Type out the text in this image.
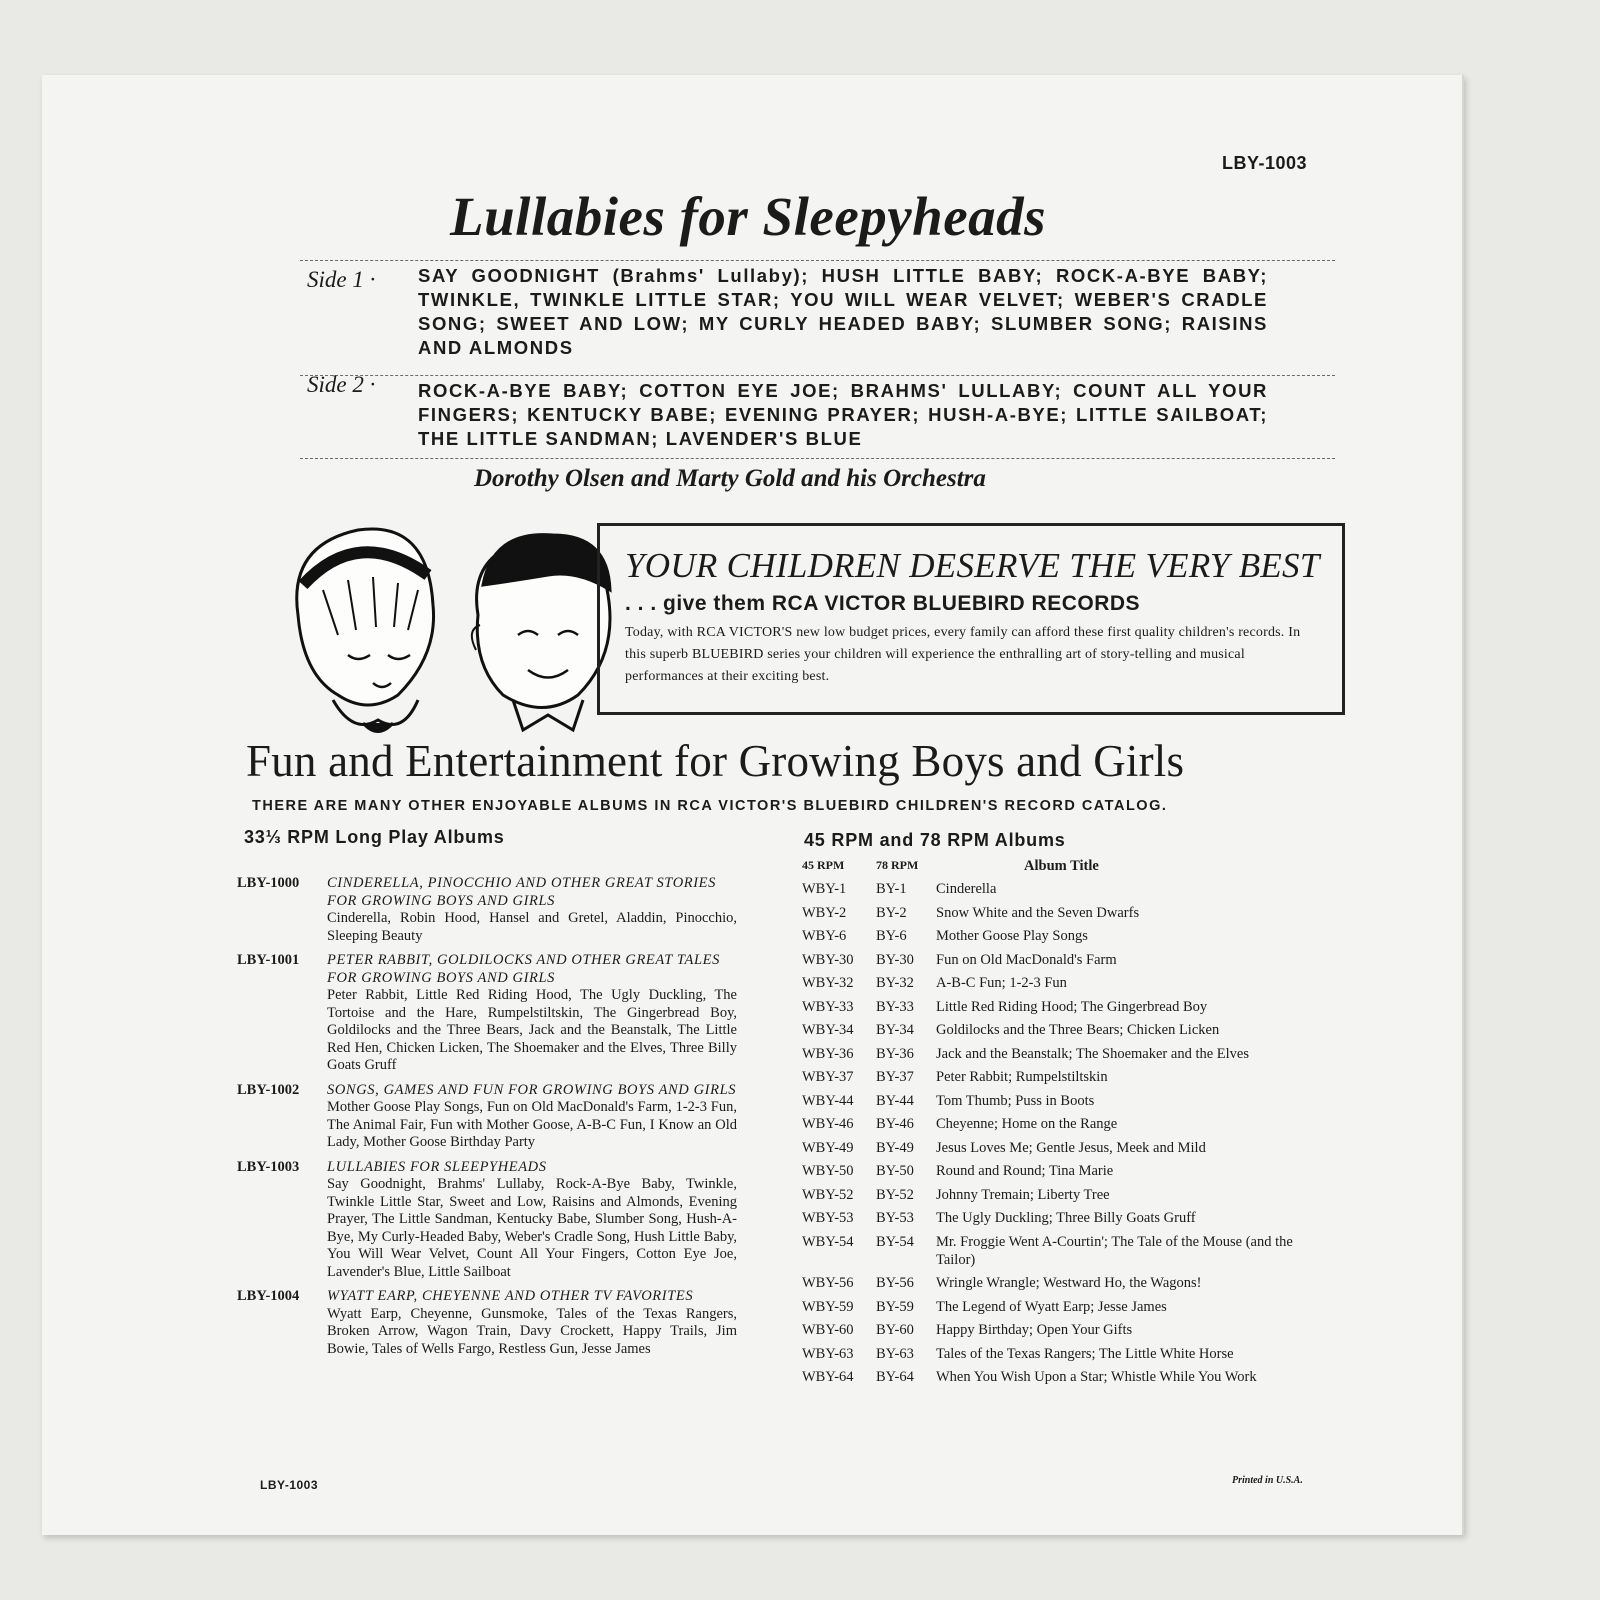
LBY-1003
Lullabies for Sleepyheads
Side 1 · SAY GOODNIGHT (Brahms' Lullaby); HUSH LITTLE BABY; ROCK-A-BYE BABY; TWINKLE, TWINKLE LITTLE STAR; YOU WILL WEAR VELVET; WEBER'S CRADLE SONG; SWEET AND LOW; MY CURLY HEADED BABY; SLUMBER SONG; RAISINS AND ALMONDS
Side 2 · ROCK-A-BYE BABY; COTTON EYE JOE; BRAHMS' LULLABY; COUNT ALL YOUR FINGERS; KENTUCKY BABE; EVENING PRAYER; HUSH-A-BYE; LITTLE SAILBOAT; THE LITTLE SANDMAN; LAVENDER'S BLUE
Dorothy Olsen and Marty Gold and his Orchestra
YOUR CHILDREN DESERVE THE VERY BEST
. . . give them RCA VICTOR BLUEBIRD RECORDS
Today, with RCA VICTOR'S new low budget prices, every family can afford these first quality children's records. In this superb BLUEBIRD series your children will experience the enthralling art of story-telling and musical performances at their exciting best.
Fun and Entertainment for Growing Boys and Girls
THERE ARE MANY OTHER ENJOYABLE ALBUMS IN RCA VICTOR'S BLUEBIRD CHILDREN'S RECORD CATALOG.
33⅓ RPM Long Play Albums	45 RPM and 78 RPM Albums
LBY-1000 CINDERELLA, PINOCCHIO AND OTHER GREAT STORIES FOR GROWING BOYS AND GIRLS
Cinderella, Robin Hood, Hansel and Gretel, Aladdin, Pinocchio, Sleeping Beauty
LBY-1001 PETER RABBIT, GOLDILOCKS AND OTHER GREAT TALES FOR GROWING BOYS AND GIRLS
Peter Rabbit, Little Red Riding Hood, The Ugly Duckling, The Tortoise and the Hare, Rumpelstiltskin, The Gingerbread Boy, Goldilocks and the Three Bears, Jack and the Beanstalk, The Little Red Hen, Chicken Licken, The Shoemaker and the Elves, Three Billy Goats Gruff
LBY-1002 SONGS, GAMES AND FUN FOR GROWING BOYS AND GIRLS
Mother Goose Play Songs, Fun on Old MacDonald's Farm, 1-2-3 Fun, The Animal Fair, Fun with Mother Goose, A-B-C Fun, I Know an Old Lady, Mother Goose Birthday Party
LBY-1003 LULLABIES FOR SLEEPYHEADS
Say Goodnight, Brahms' Lullaby, Rock-A-Bye Baby, Twinkle, Twinkle Little Star, Sweet and Low, Raisins and Almonds, Evening Prayer, The Little Sandman, Kentucky Babe, Slumber Song, Hush-A-Bye, My Curly-Headed Baby, Weber's Cradle Song, Hush Little Baby, You Will Wear Velvet, Count All Your Fingers, Cotton Eye Joe, Lavender's Blue, Little Sailboat
LBY-1004 WYATT EARP, CHEYENNE AND OTHER TV FAVORITES
Wyatt Earp, Cheyenne, Gunsmoke, Tales of the Texas Rangers, Broken Arrow, Wagon Train, Davy Crockett, Happy Trails, Jim Bowie, Tales of Wells Fargo, Restless Gun, Jesse James
45 RPM	78 RPM	Album Title
WBY-1	BY-1	Cinderella
WBY-2	BY-2	Snow White and the Seven Dwarfs
WBY-6	BY-6	Mother Goose Play Songs
WBY-30	BY-30	Fun on Old MacDonald's Farm
WBY-32	BY-32	A-B-C Fun; 1-2-3 Fun
WBY-33	BY-33	Little Red Riding Hood; The Gingerbread Boy
WBY-34	BY-34	Goldilocks and the Three Bears; Chicken Licken
WBY-36	BY-36	Jack and the Beanstalk; The Shoemaker and the Elves
WBY-37	BY-37	Peter Rabbit; Rumpelstiltskin
WBY-44	BY-44	Tom Thumb; Puss in Boots
WBY-46	BY-46	Cheyenne; Home on the Range
WBY-49	BY-49	Jesus Loves Me; Gentle Jesus, Meek and Mild
WBY-50	BY-50	Round and Round; Tina Marie
WBY-52	BY-52	Johnny Tremain; Liberty Tree
WBY-53	BY-53	The Ugly Duckling; Three Billy Goats Gruff
WBY-54	BY-54	Mr. Froggie Went A-Courtin'; The Tale of the Mouse (and the Tailor)
WBY-56	BY-56	Wringle Wrangle; Westward Ho, the Wagons!
WBY-59	BY-59	The Legend of Wyatt Earp; Jesse James
WBY-60	BY-60	Happy Birthday; Open Your Gifts
WBY-63	BY-63	Tales of the Texas Rangers; The Little White Horse
WBY-64	BY-64	When You Wish Upon a Star; Whistle While You Work
LBY-1003	Printed in U.S.A.
